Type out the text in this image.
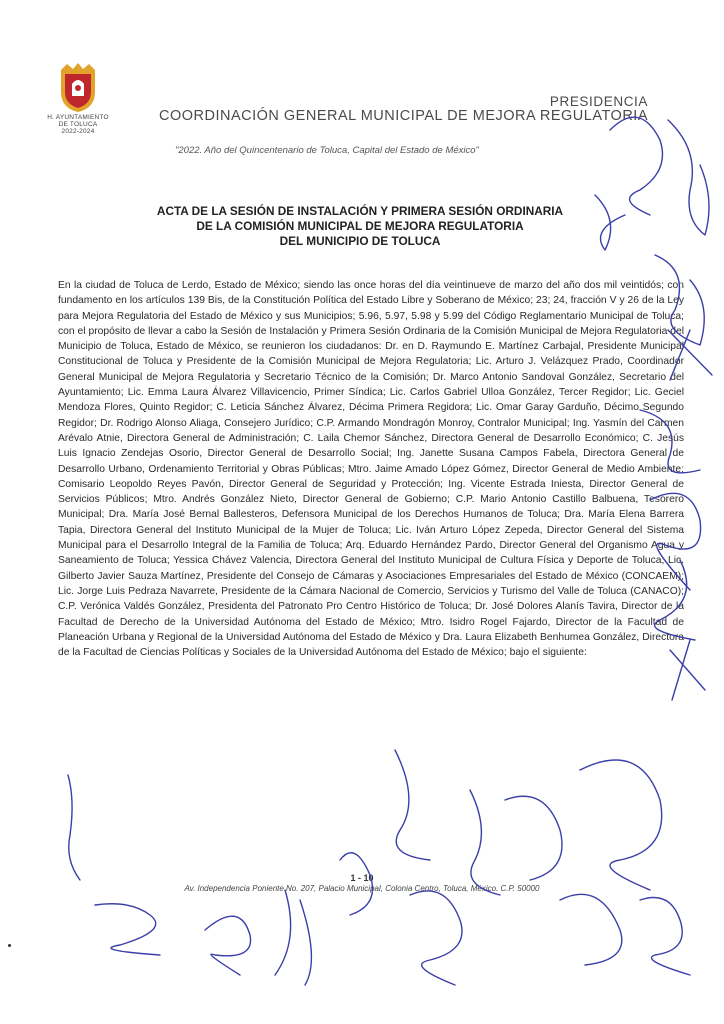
H. AYUNTAMIENTO
DE TOLUCA
2022-2024
PRESIDENCIA
COORDINACIÓN GENERAL MUNICIPAL DE MEJORA REGULATORIA
"2022. Año del Quincentenario de Toluca, Capital del Estado de México"
ACTA DE LA SESIÓN DE INSTALACIÓN Y PRIMERA SESIÓN ORDINARIA
DE LA COMISIÓN MUNICIPAL DE MEJORA REGULATORIA
DEL MUNICIPIO DE TOLUCA
En la ciudad de Toluca de Lerdo, Estado de México; siendo las once horas del día veintinueve de marzo del año dos mil veintidós; con fundamento en los artículos 139 Bis, de la Constitución Política del Estado Libre y Soberano de México; 23; 24, fracción V y 26 de la Ley para Mejora Regulatoria del Estado de México y sus Municipios; 5.96, 5.97, 5.98 y 5.99 del Código Reglamentario Municipal de Toluca; con el propósito de llevar a cabo la Sesión de Instalación y Primera Sesión Ordinaria de la Comisión Municipal de Mejora Regulatoria del Municipio de Toluca, Estado de México, se reunieron los ciudadanos: Dr. en D. Raymundo E. Martínez Carbajal, Presidente Municipal Constitucional de Toluca y Presidente de la Comisión Municipal de Mejora Regulatoria; Lic. Arturo J. Velázquez Prado, Coordinador General Municipal de Mejora Regulatoria y Secretario Técnico de la Comisión; Dr. Marco Antonio Sandoval González, Secretario del Ayuntamiento; Lic. Emma Laura Álvarez Villavicencio, Primer Síndica; Lic. Carlos Gabriel Ulloa González, Tercer Regidor; Lic. Geciel Mendoza Flores, Quinto Regidor; C. Leticia Sánchez Álvarez, Décima Primera Regidora; Lic. Omar Garay Garduño, Décimo Segundo Regidor; Dr. Rodrigo Alonso Aliaga, Consejero Jurídico; C.P. Armando Mondragón Monroy, Contralor Municipal; Ing. Yasmín del Carmen Arévalo Atnie, Directora General de Administración; C. Laila Chemor Sánchez, Directora General de Desarrollo Económico; C. Jesús Luis Ignacio Zendejas Osorio, Director General de Desarrollo Social; Ing. Janette Susana Campos Fabela, Directora General de Desarrollo Urbano, Ordenamiento Territorial y Obras Públicas; Mtro. Jaime Amado López Gómez, Director General de Medio Ambiente; Comisario Leopoldo Reyes Pavón, Director General de Seguridad y Protección; Ing. Vicente Estrada Iniesta, Director General de Servicios Públicos; Mtro. Andrés González Nieto, Director General de Gobierno; C.P. Mario Antonio Castillo Balbuena, Tesorero Municipal; Dra. María José Bernal Ballesteros, Defensora Municipal de los Derechos Humanos de Toluca; Dra. María Elena Barrera Tapia, Directora General del Instituto Municipal de la Mujer de Toluca; Lic. Iván Arturo López Zepeda, Director General del Sistema Municipal para el Desarrollo Integral de la Familia de Toluca; Arq. Eduardo Hernández Pardo, Director General del Organismo Agua y Saneamiento de Toluca; Yessica Chávez Valencia, Directora General del Instituto Municipal de Cultura Física y Deporte de Toluca; Lic. Gilberto Javier Sauza Martínez, Presidente del Consejo de Cámaras y Asociaciones Empresariales del Estado de México (CONCAEM); Lic. Jorge Luis Pedraza Navarrete, Presidente de la Cámara Nacional de Comercio, Servicios y Turismo del Valle de Toluca (CANACO); C.P. Verónica Valdés González, Presidenta del Patronato Pro Centro Histórico de Toluca; Dr. José Dolores Alanís Tavira, Director de la Facultad de Derecho de la Universidad Autónoma del Estado de México; Mtro. Isidro Rogel Fajardo, Director de la Facultad de Planeación Urbana y Regional de la Universidad Autónoma del Estado de México y Dra. Laura Elizabeth Benhumea González, Directora de la Facultad de Ciencias Políticas y Sociales de la Universidad Autónoma del Estado de México; bajo el siguiente:
1 - 10
Av. Independencia Poniente No. 207, Palacio Municipal, Colonia Centro, Toluca, México. C.P. 50000
